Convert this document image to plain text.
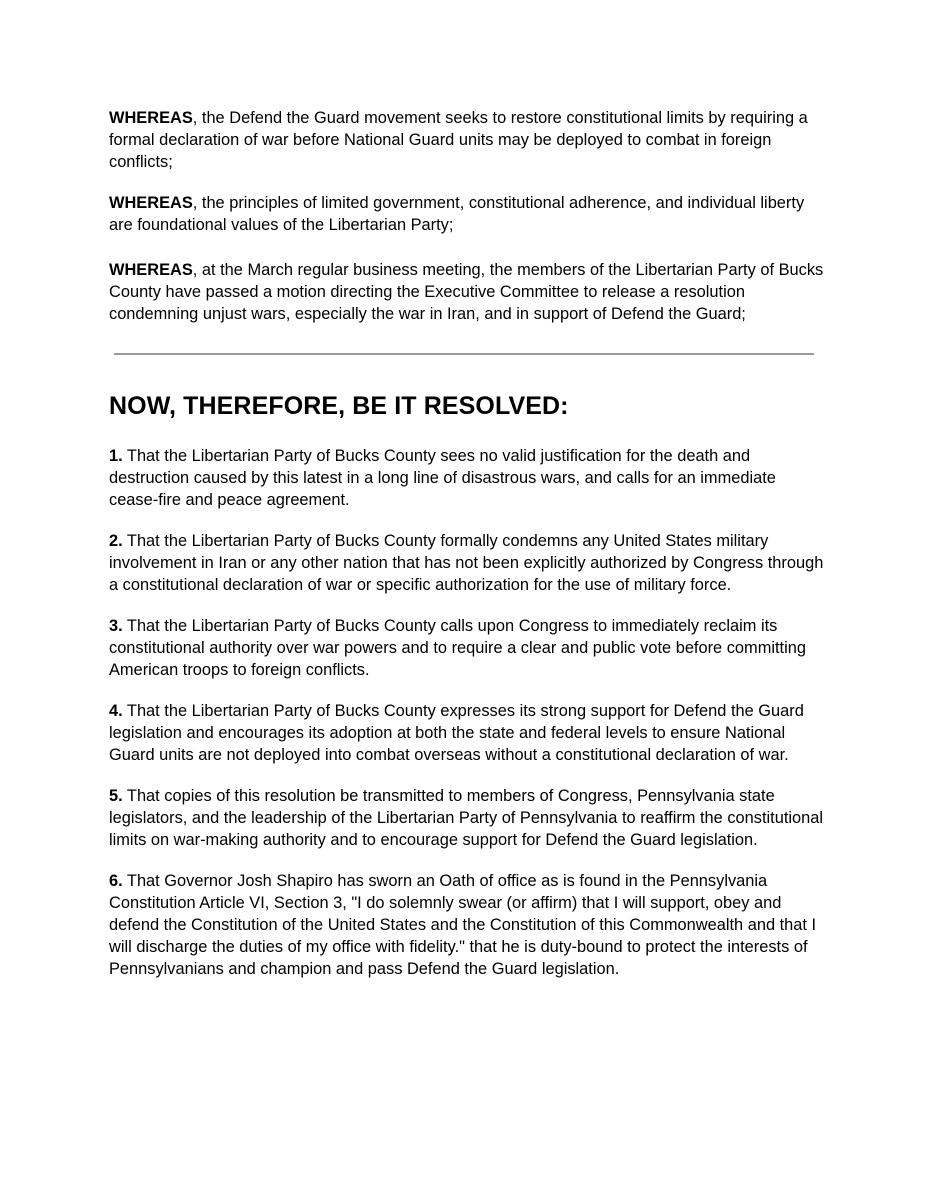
WHEREAS, the Defend the Guard movement seeks to restore constitutional limits by requiring a formal declaration of war before National Guard units may be deployed to combat in foreign conflicts;

WHEREAS, the principles of limited government, constitutional adherence, and individual liberty are foundational values of the Libertarian Party;

WHEREAS, at the March regular business meeting, the members of the Libertarian Party of Bucks County have passed a motion directing the Executive Committee to release a resolution condemning unjust wars, especially the war in Iran, and in support of Defend the Guard;

NOW, THEREFORE, BE IT RESOLVED:

1. That the Libertarian Party of Bucks County sees no valid justification for the death and destruction caused by this latest in a long line of disastrous wars, and calls for an immediate cease-fire and peace agreement.

2. That the Libertarian Party of Bucks County formally condemns any United States military involvement in Iran or any other nation that has not been explicitly authorized by Congress through a constitutional declaration of war or specific authorization for the use of military force.

3. That the Libertarian Party of Bucks County calls upon Congress to immediately reclaim its constitutional authority over war powers and to require a clear and public vote before committing American troops to foreign conflicts.

4. That the Libertarian Party of Bucks County expresses its strong support for Defend the Guard legislation and encourages its adoption at both the state and federal levels to ensure National Guard units are not deployed into combat overseas without a constitutional declaration of war.

5. That copies of this resolution be transmitted to members of Congress, Pennsylvania state legislators, and the leadership of the Libertarian Party of Pennsylvania to reaffirm the constitutional limits on war-making authority and to encourage support for Defend the Guard legislation.

6. That Governor Josh Shapiro has sworn an Oath of office as is found in the Pennsylvania Constitution Article VI, Section 3, "I do solemnly swear (or affirm) that I will support, obey and defend the Constitution of the United States and the Constitution of this Commonwealth and that I will discharge the duties of my office with fidelity." that he is duty-bound to protect the interests of Pennsylvanians and champion and pass Defend the Guard legislation.
